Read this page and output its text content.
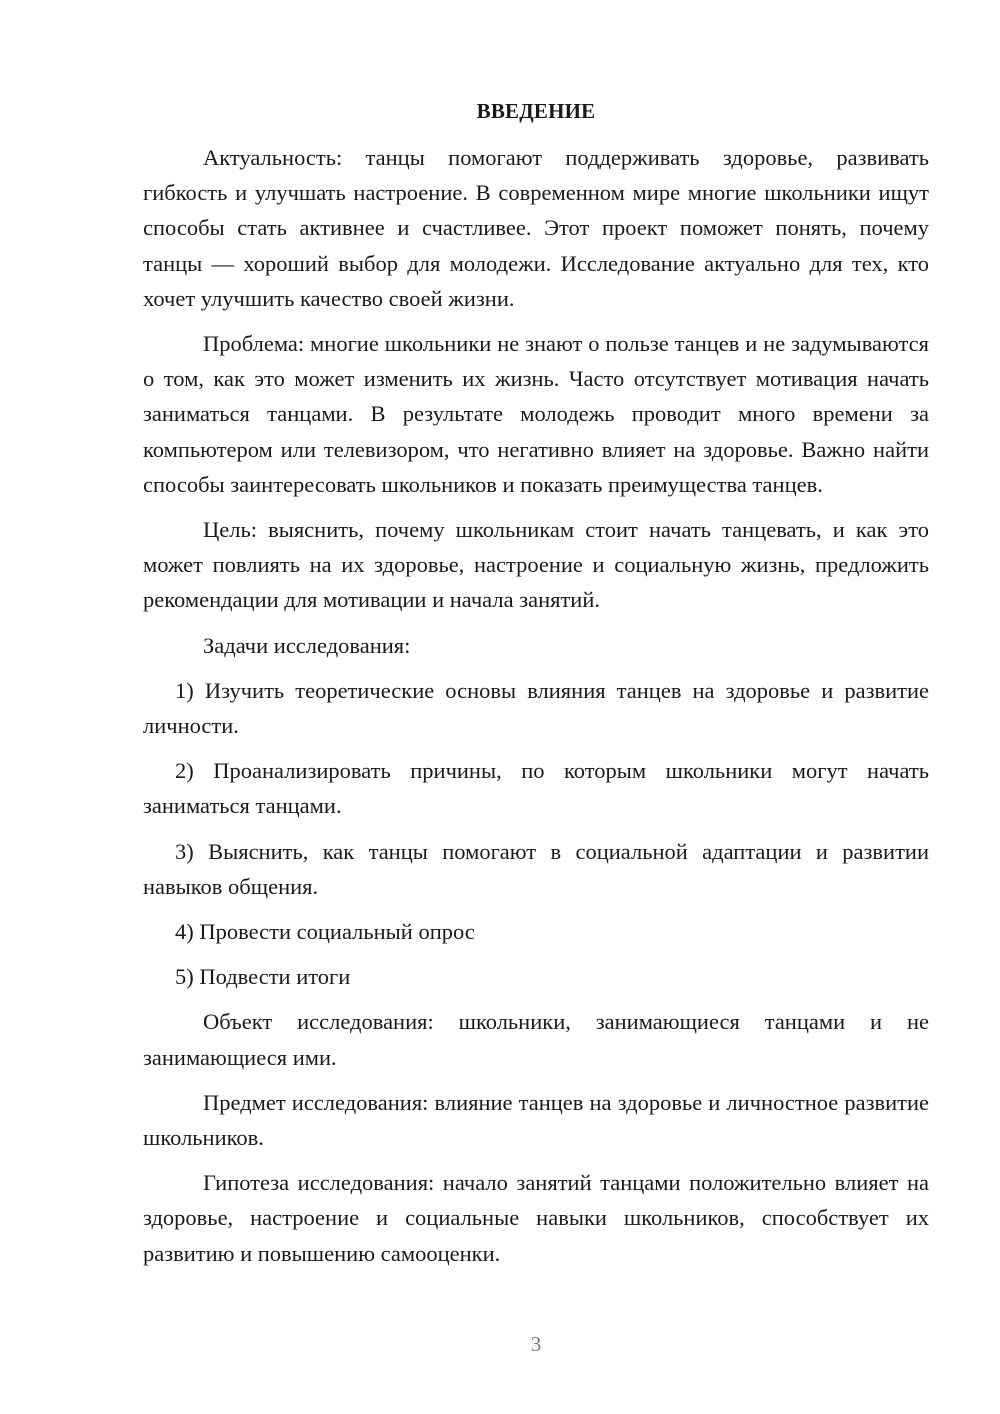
ВВЕДЕНИЕ

Актуальность: танцы помогают поддерживать здоровье, развивать гибкость и улучшать настроение. В современном мире многие школьники ищут способы стать активнее и счастливее. Этот проект поможет понять, почему танцы — хороший выбор для молодежи. Исследование актуально для тех, кто хочет улучшить качество своей жизни.

Проблема: многие школьники не знают о пользе танцев и не задумываются о том, как это может изменить их жизнь. Часто отсутствует мотивация начать заниматься танцами. В результате молодежь проводит много времени за компьютером или телевизором, что негативно влияет на здоровье. Важно найти способы заинтересовать школьников и показать преимущества танцев.

Цель: выяснить, почему школьникам стоит начать танцевать, и как это может повлиять на их здоровье, настроение и социальную жизнь, предложить рекомендации для мотивации и начала занятий.

Задачи исследования:

1) Изучить теоретические основы влияния танцев на здоровье и развитие личности.

2) Проанализировать причины, по которым школьники могут начать заниматься танцами.

3) Выяснить, как танцы помогают в социальной адаптации и развитии навыков общения.

4) Провести социальный опрос

5) Подвести итоги

Объект исследования: школьники, занимающиеся танцами и не занимающиеся ими.

Предмет исследования: влияние танцев на здоровье и личностное развитие школьников.

Гипотеза исследования: начало занятий танцами положительно влияет на здоровье, настроение и социальные навыки школьников, способствует их развитию и повышению самооценки.

3
